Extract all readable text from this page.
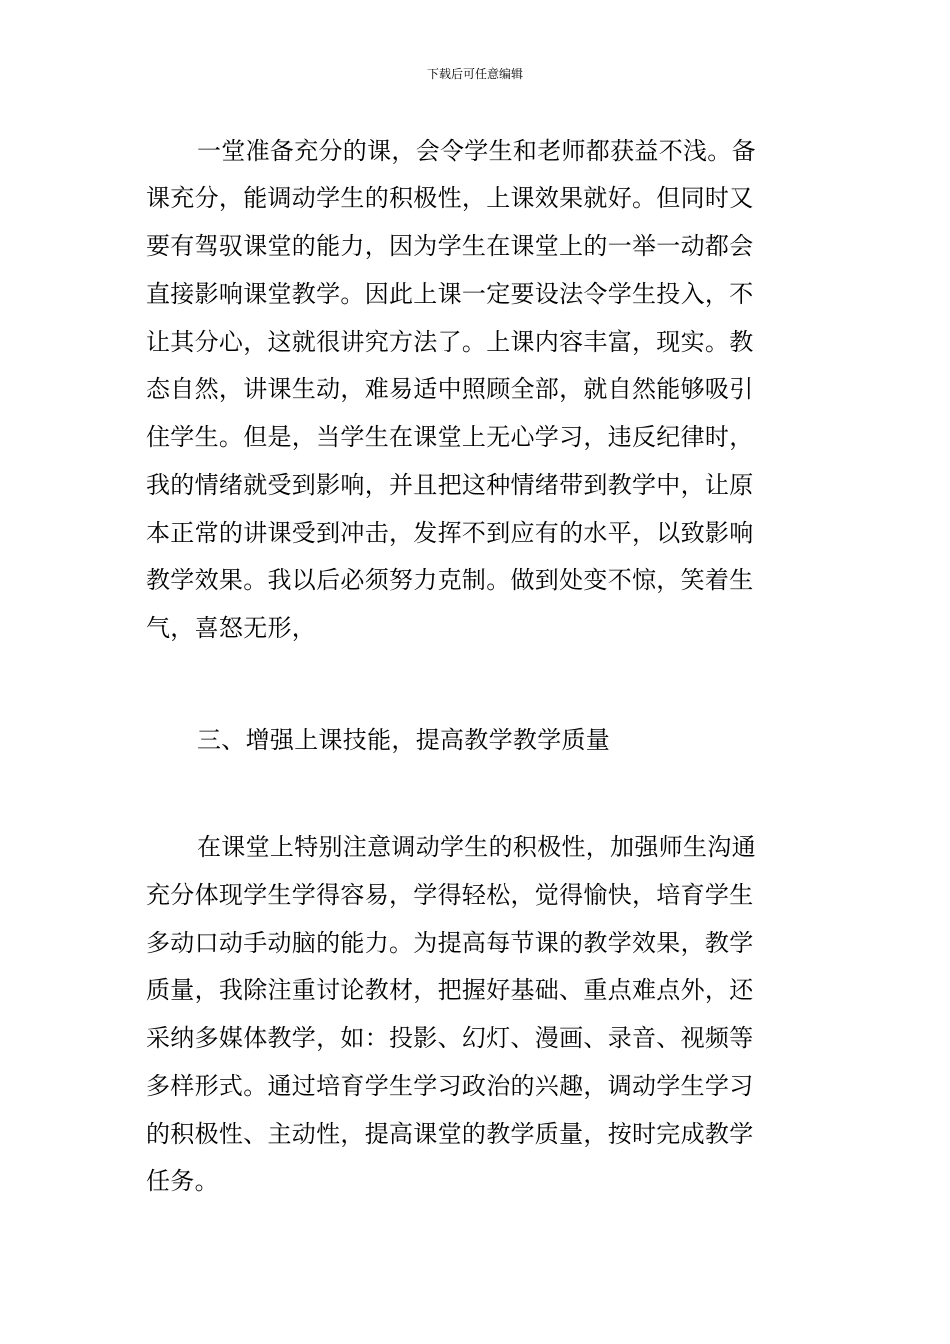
下载后可任意编辑
一堂准备充分的课，会令学生和老师都获益不浅。备
课充分，能调动学生的积极性，上课效果就好。但同时又
要有驾驭课堂的能力，因为学生在课堂上的一举一动都会
直接影响课堂教学。因此上课一定要设法令学生投入，不
让其分心，这就很讲究方法了。上课内容丰富，现实。教
态自然，讲课生动，难易适中照顾全部，就自然能够吸引
住学生。但是，当学生在课堂上无心学习，违反纪律时，
我的情绪就受到影响，并且把这种情绪带到教学中，让原
本正常的讲课受到冲击，发挥不到应有的水平，以致影响
教学效果。我以后必须努力克制。做到处变不惊，笑着生
气，喜怒无形，
三、增强上课技能，提高教学教学质量
在课堂上特别注意调动学生的积极性，加强师生沟通
充分体现学生学得容易，学得轻松，觉得愉快，培育学生
多动口动手动脑的能力。为提高每节课的教学效果，教学
质量，我除注重讨论教材，把握好基础、重点难点外，还
采纳多媒体教学，如：投影、幻灯、漫画、录音、视频等
多样形式。通过培育学生学习政治的兴趣，调动学生学习
的积极性、主动性，提高课堂的教学质量，按时完成教学
任务。
